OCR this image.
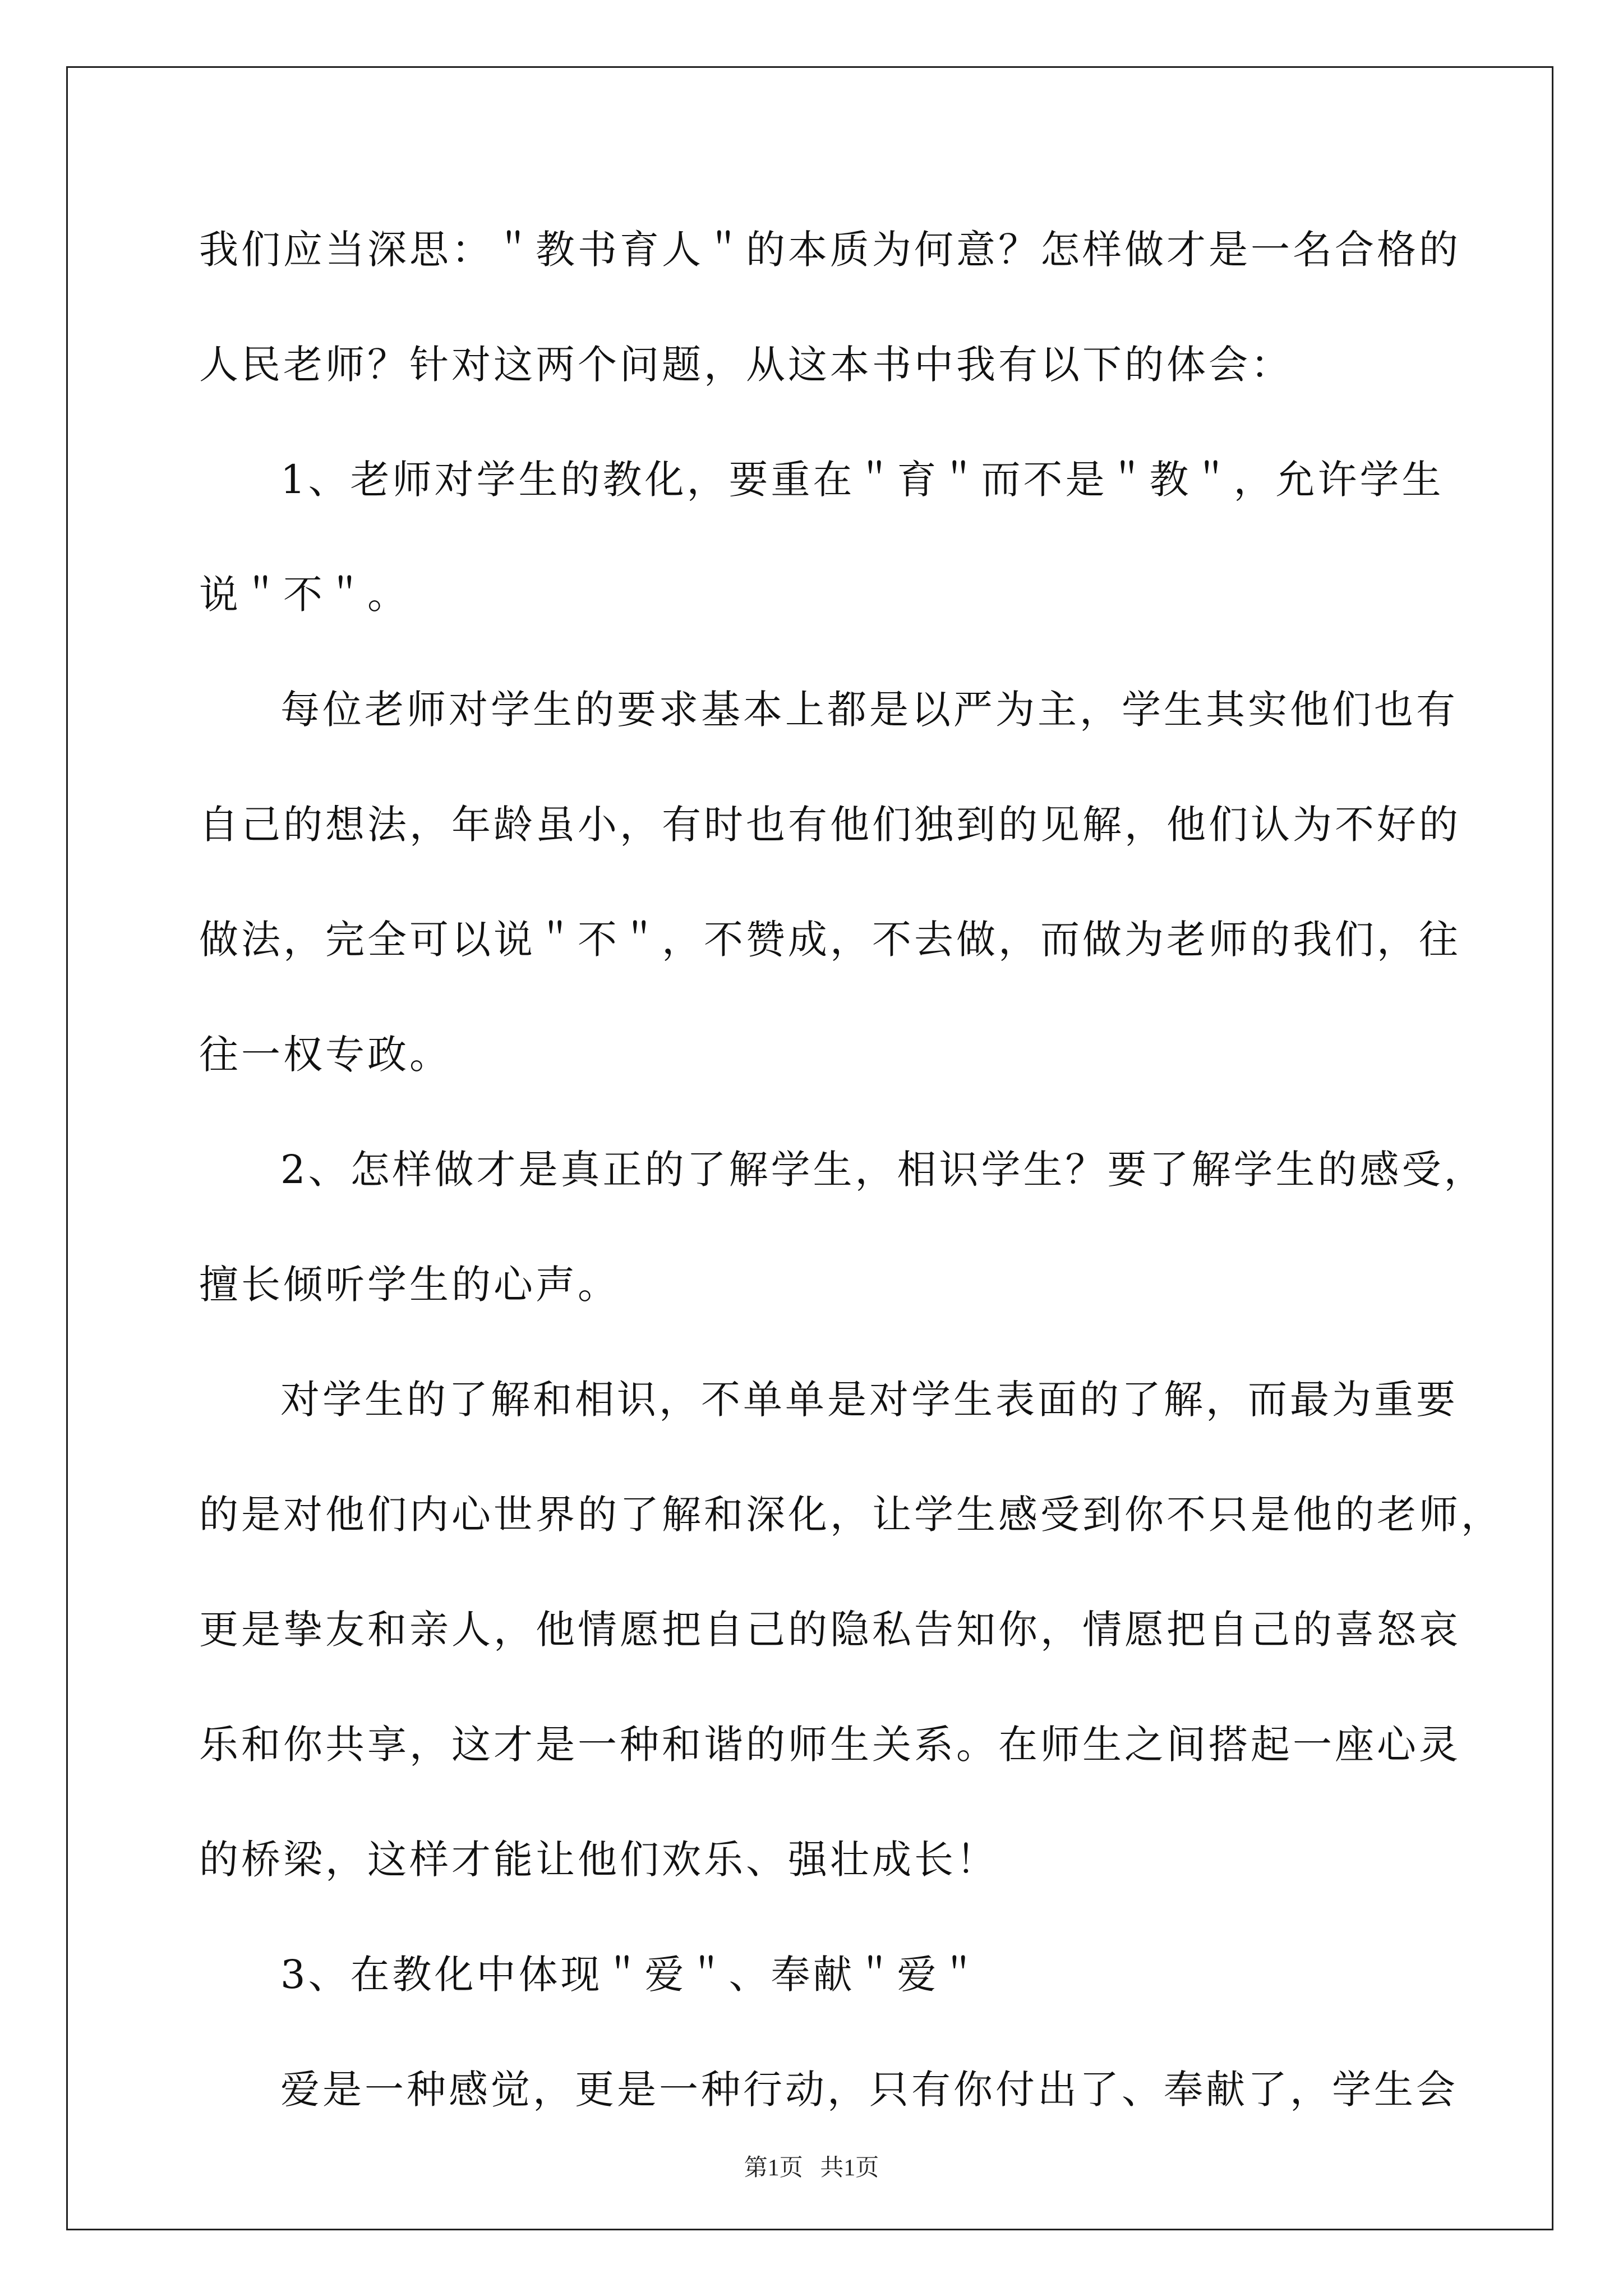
我们应当深思：＂教书育人＂的本质为何意？怎样做才是一名合格的
人民老师？针对这两个问题，从这本书中我有以下的体会：
1、老师对学生的教化，要重在＂育＂而不是＂教＂，允许学生
说＂不＂。
每位老师对学生的要求基本上都是以严为主，学生其实他们也有
自己的想法，年龄虽小，有时也有他们独到的见解，他们认为不好的
做法，完全可以说＂不＂，不赞成，不去做，而做为老师的我们，往
往一权专政。
2、怎样做才是真正的了解学生，相识学生？要了解学生的感受，
擅长倾听学生的心声。
对学生的了解和相识，不单单是对学生表面的了解，而最为重要
的是对他们内心世界的了解和深化，让学生感受到你不只是他的老师，
更是挚友和亲人，他情愿把自己的隐私告知你，情愿把自己的喜怒哀
乐和你共享，这才是一种和谐的师生关系。在师生之间搭起一座心灵
的桥梁，这样才能让他们欢乐、强壮成长！
3、在教化中体现＂爱＂、奉献＂爱＂
爱是一种感觉，更是一种行动，只有你付出了、奉献了，学生会
第1页 共1页
